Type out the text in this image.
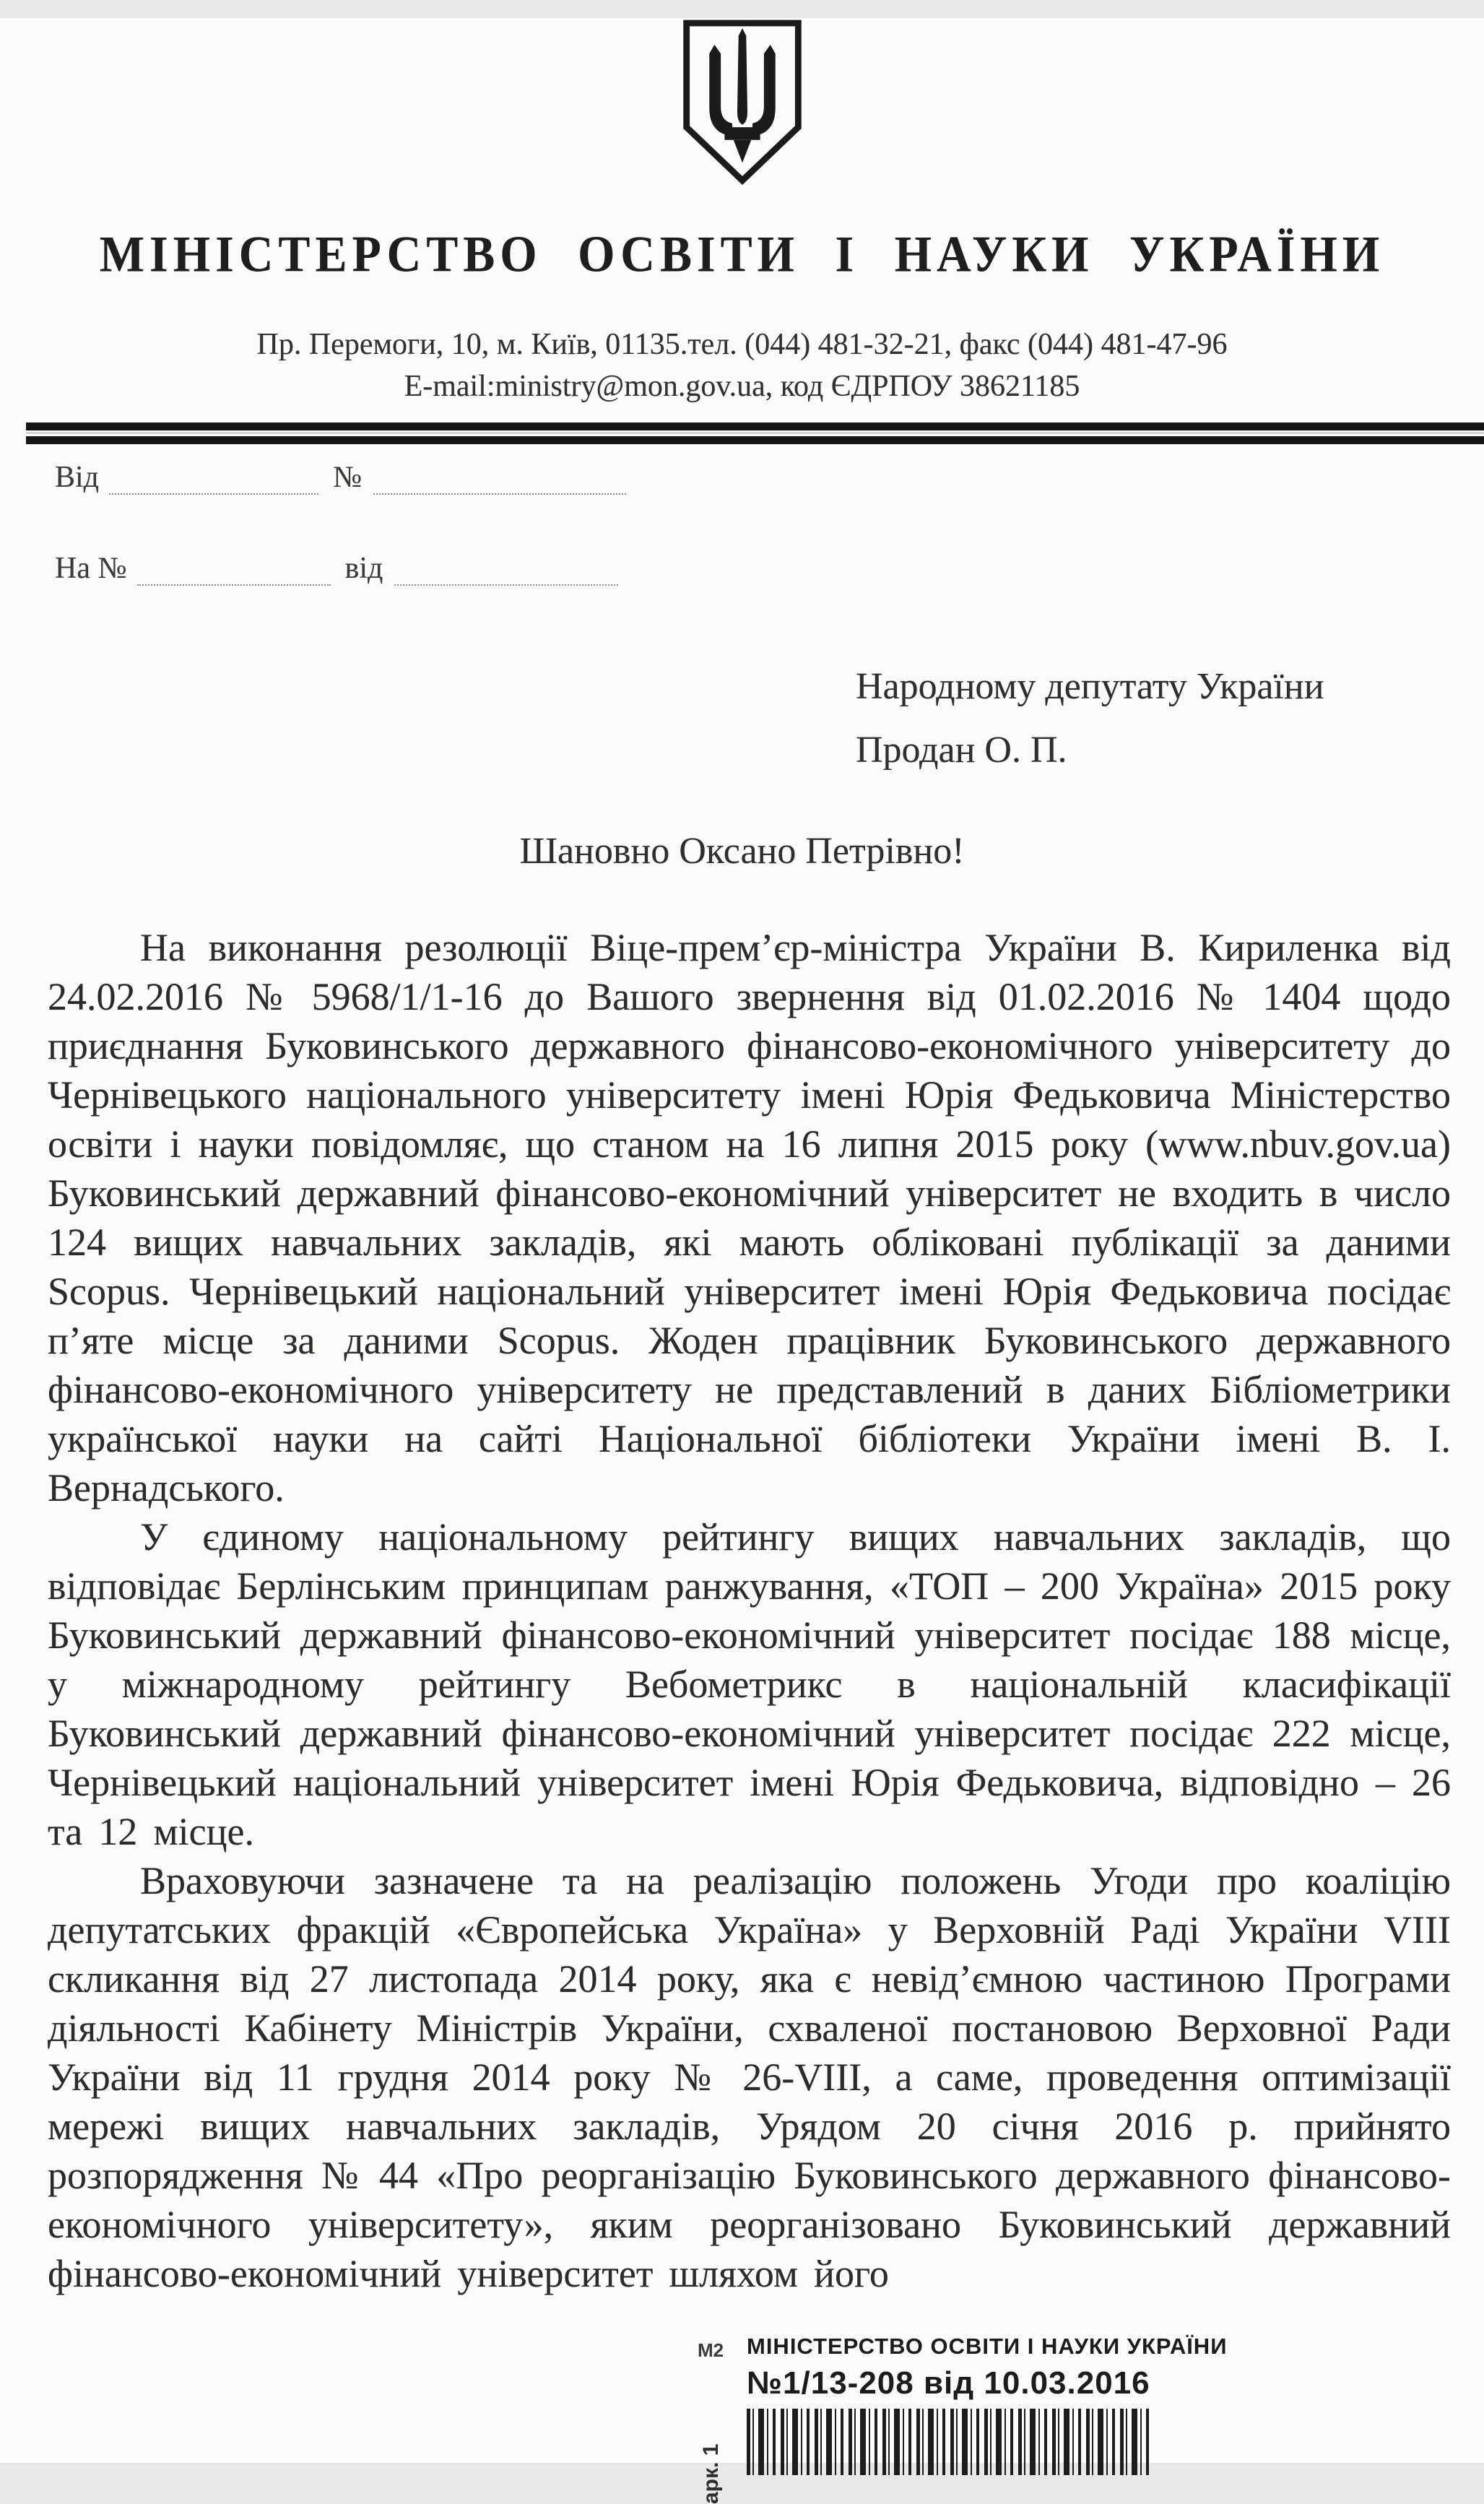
МІНІСТЕРСТВО ОСВІТИ І НАУКИ УКРАЇНИ
Пр. Перемоги, 10, м. Київ, 01135.тел. (044) 481-32-21, факс (044) 481-47-96
E-mail:ministry@mon.gov.ua, код ЄДРПОУ 38621185
Від	№
На №	від
Народному депутату України
Продан О. П.
Шановно Оксано Петрівно!

На виконання резолюції Віце-прем’єр-міністра України В. Кириленка від 24.02.2016 № 5968/1/1-16 до Вашого звернення від 01.02.2016 № 1404 щодо приєднання Буковинського державного фінансово-економічного університету до Чернівецького національного університету імені Юрія Федьковича Міністерство освіти і науки повідомляє, що станом на 16 липня 2015 року (www.nbuv.gov.ua) Буковинський державний фінансово-економічний університет не входить в число 124 вищих навчальних закладів, які мають обліковані публікації за даними Scopus. Чернівецький національний університет імені Юрія Федьковича посідає п’яте місце за даними Scopus. Жоден працівник Буковинського державного фінансово-економічного університету не представлений в даних Бібліометрики української науки на сайті Національної бібліотеки України імені В. І. Вернадського.

У єдиному національному рейтингу вищих навчальних закладів, що відповідає Берлінським принципам ранжування, «ТОП – 200 Україна» 2015 року Буковинський державний фінансово-економічний університет посідає 188 місце, у міжнародному рейтингу Вебометрикс в національній класифікації Буковинський державний фінансово-економічний університет посідає 222 місце, Чернівецький національний університет імені Юрія Федьковича, відповідно – 26 та 12 місце.

Враховуючи зазначене та на реалізацію положень Угоди про коаліцію депутатських фракцій «Європейська Україна» у Верховній Раді України VIII скликання від 27 листопада 2014 року, яка є невід’ємною частиною Програми діяльності Кабінету Міністрів України, схваленої постановою Верховної Ради України від 11 грудня 2014 року № 26-VIII, а саме, проведення оптимізації мережі вищих навчальних закладів, Урядом 20 січня 2016 р. прийнято розпорядження № 44 «Про реорганізацію Буковинського державного фінансово-економічного університету», яким реорганізовано Буковинський державний фінансово-економічний університет шляхом його

М2
арк. 1
МІНІСТЕРСТВО ОСВІТИ І НАУКИ УКРАЇНИ
№1/13-208 від 10.03.2016
